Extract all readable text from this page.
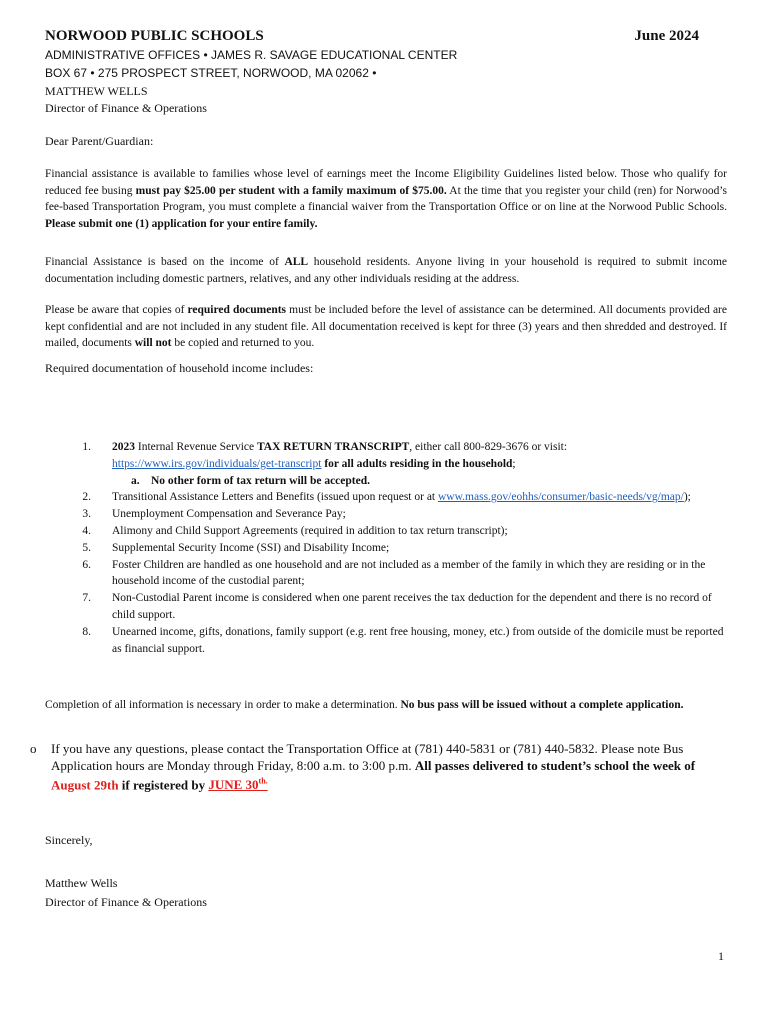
NORWOOD PUBLIC SCHOOLS	June 2024
ADMINISTRATIVE OFFICES • JAMES R. SAVAGE EDUCATIONAL CENTER
BOX 67 • 275 PROSPECT STREET, NORWOOD, MA 02062 •
MATTHEW WELLS
Director of Finance & Operations
Dear Parent/Guardian:
Financial assistance is available to families whose level of earnings meet the Income Eligibility Guidelines listed below. Those who qualify for reduced fee busing must pay $25.00 per student with a family maximum of $75.00. At the time that you register your child (ren) for Norwood’s fee-based Transportation Program, you must complete a financial waiver from the Transportation Office or on line at the Norwood Public Schools. Please submit one (1) application for your entire family.
Financial Assistance is based on the income of ALL household residents. Anyone living in your household is required to submit income documentation including domestic partners, relatives, and any other individuals residing at the address.
Please be aware that copies of required documents must be included before the level of assistance can be determined. All documents provided are kept confidential and are not included in any student file. All documentation received is kept for three (3) years and then shredded and destroyed. If mailed, documents will not be copied and returned to you.
Required documentation of household income includes:
1. 2023 Internal Revenue Service TAX RETURN TRANSCRIPT, either call 800-829-3676 or visit:
https://www.irs.gov/individuals/get-transcript for all adults residing in the household;
a. No other form of tax return will be accepted.
2. Transitional Assistance Letters and Benefits (issued upon request or at www.mass.gov/eohhs/consumer/basic-needs/vg/map/);
3. Unemployment Compensation and Severance Pay;
4. Alimony and Child Support Agreements (required in addition to tax return transcript);
5. Supplemental Security Income (SSI) and Disability Income;
6. Foster Children are handled as one household and are not included as a member of the family in which they are residing or in the household income of the custodial parent;
7. Non-Custodial Parent income is considered when one parent receives the tax deduction for the dependent and there is no record of child support.
8. Unearned income, gifts, donations, family support (e.g. rent free housing, money, etc.) from outside of the domicile must be reported as financial support.
Completion of all information is necessary in order to make a determination. No bus pass will be issued without a complete application.
o If you have any questions, please contact the Transportation Office at (781) 440-5831 or (781) 440-5832. Please note Bus Application hours are Monday through Friday, 8:00 a.m. to 3:00 p.m. All passes delivered to student’s school the week of August 29th if registered by JUNE $30^{th.}$
Sincerely,
Matthew Wells
Director of Finance & Operations
1
